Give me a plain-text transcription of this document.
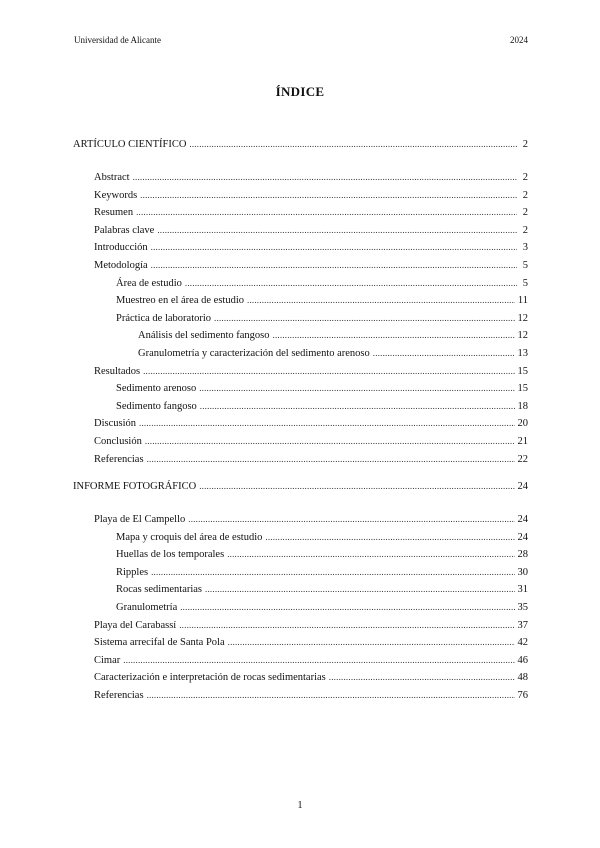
Universidad de Alicante	2024
ÍNDICE
ARTÍCULO CIENTÍFICO .....	2
Abstract .....	2
Keywords .....	2
Resumen .....	2
Palabras clave .....	2
Introducción .....	3
Metodología .....	5
Área de estudio .....	5
Muestreo en el área de estudio .....	11
Práctica de laboratorio .....	12
Análisis del sedimento fangoso .....	12
Granulometría y caracterización del sedimento arenoso .....	13
Resultados .....	15
Sedimento arenoso .....	15
Sedimento fangoso .....	18
Discusión .....	20
Conclusión .....	21
Referencias .....	22
INFORME FOTOGRÁFICO .....	24
Playa de El Campello .....	24
Mapa y croquis del área de estudio .....	24
Huellas de los temporales .....	28
Ripples .....	30
Rocas sedimentarias .....	31
Granulometría .....	35
Playa del Carabassí .....	37
Sistema arrecifal de Santa Pola .....	42
Cimar .....	46
Caracterización e interpretación de rocas sedimentarias .....	48
Referencias .....	76
1
